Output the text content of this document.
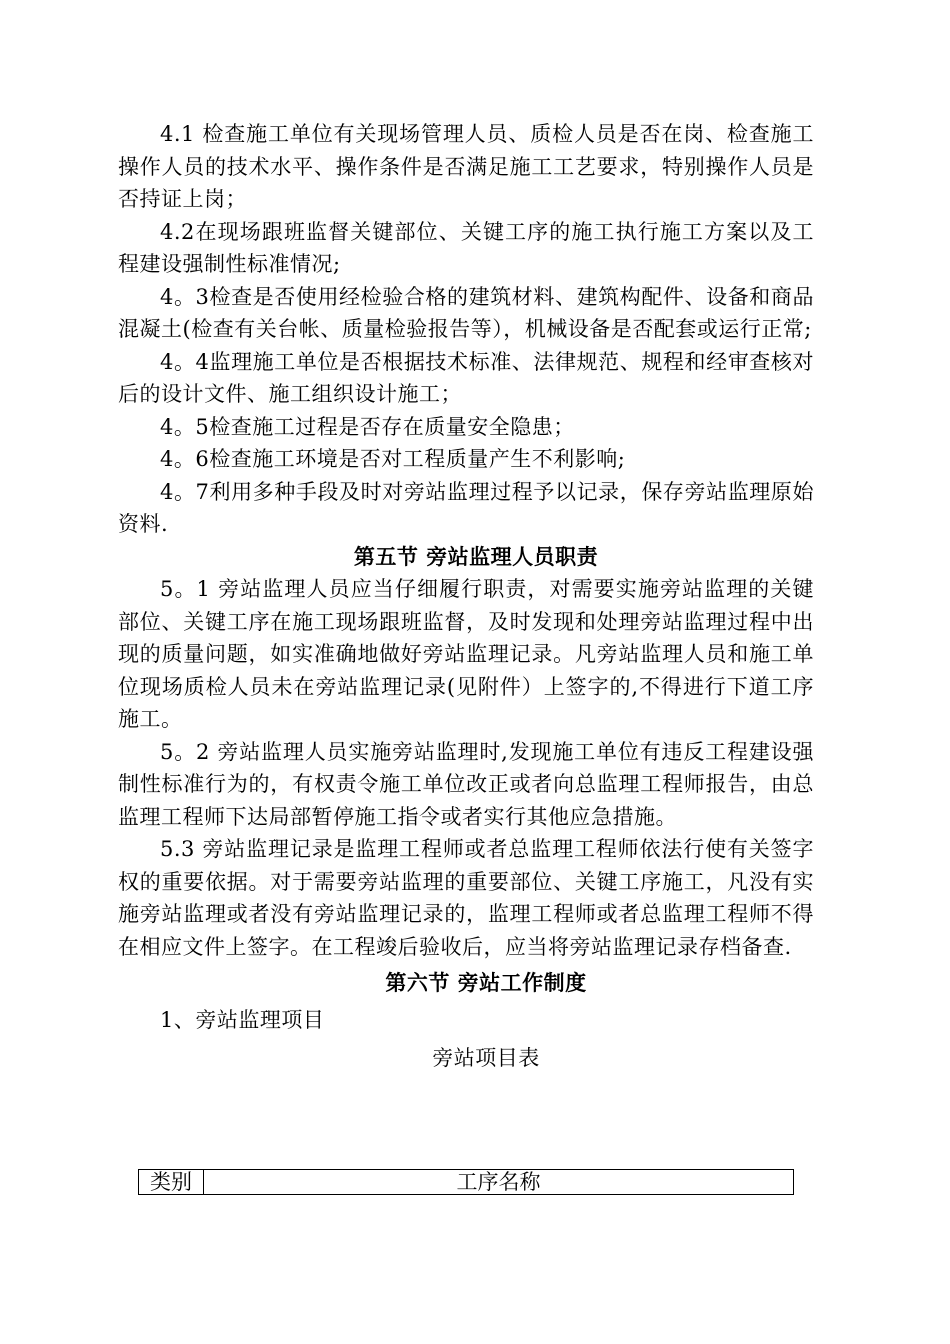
4.1 检查施工单位有关现场管理人员、质检人员是否在岗、检查施工操作人员的技术水平、操作条件是否满足施工工艺要求，特别操作人员是否持证上岗；

4.2在现场跟班监督关键部位、关键工序的施工执行施工方案以及工程建设强制性标准情况;

4。3检查是否使用经检验合格的建筑材料、建筑构配件、设备和商品混凝土(检查有关台帐、质量检验报告等），机械设备是否配套或运行正常;

4。4监理施工单位是否根据技术标准、法律规范、规程和经审查核对后的设计文件、施工组织设计施工；

4。5检查施工过程是否存在质量安全隐患；

4。6检查施工环境是否对工程质量产生不利影响;

4。7利用多种手段及时对旁站监理过程予以记录，保存旁站监理原始资料.

第五节 旁站监理人员职责

5。1 旁站监理人员应当仔细履行职责，对需要实施旁站监理的关键部位、关键工序在施工现场跟班监督，及时发现和处理旁站监理过程中出现的质量问题，如实准确地做好旁站监理记录。凡旁站监理人员和施工单位现场质检人员未在旁站监理记录(见附件）上签字的,不得进行下道工序施工。

5。2 旁站监理人员实施旁站监理时,发现施工单位有违反工程建设强制性标准行为的，有权责令施工单位改正或者向总监理工程师报告，由总监理工程师下达局部暂停施工指令或者实行其他应急措施。

5.3 旁站监理记录是监理工程师或者总监理工程师依法行使有关签字权的重要依据。对于需要旁站监理的重要部位、关键工序施工，凡没有实施旁站监理或者没有旁站监理记录的，监理工程师或者总监理工程师不得在相应文件上签字。在工程竣后验收后，应当将旁站监理记录存档备查.

第六节 旁站工作制度

1、旁站监理项目

旁站项目表

类别	工序名称
